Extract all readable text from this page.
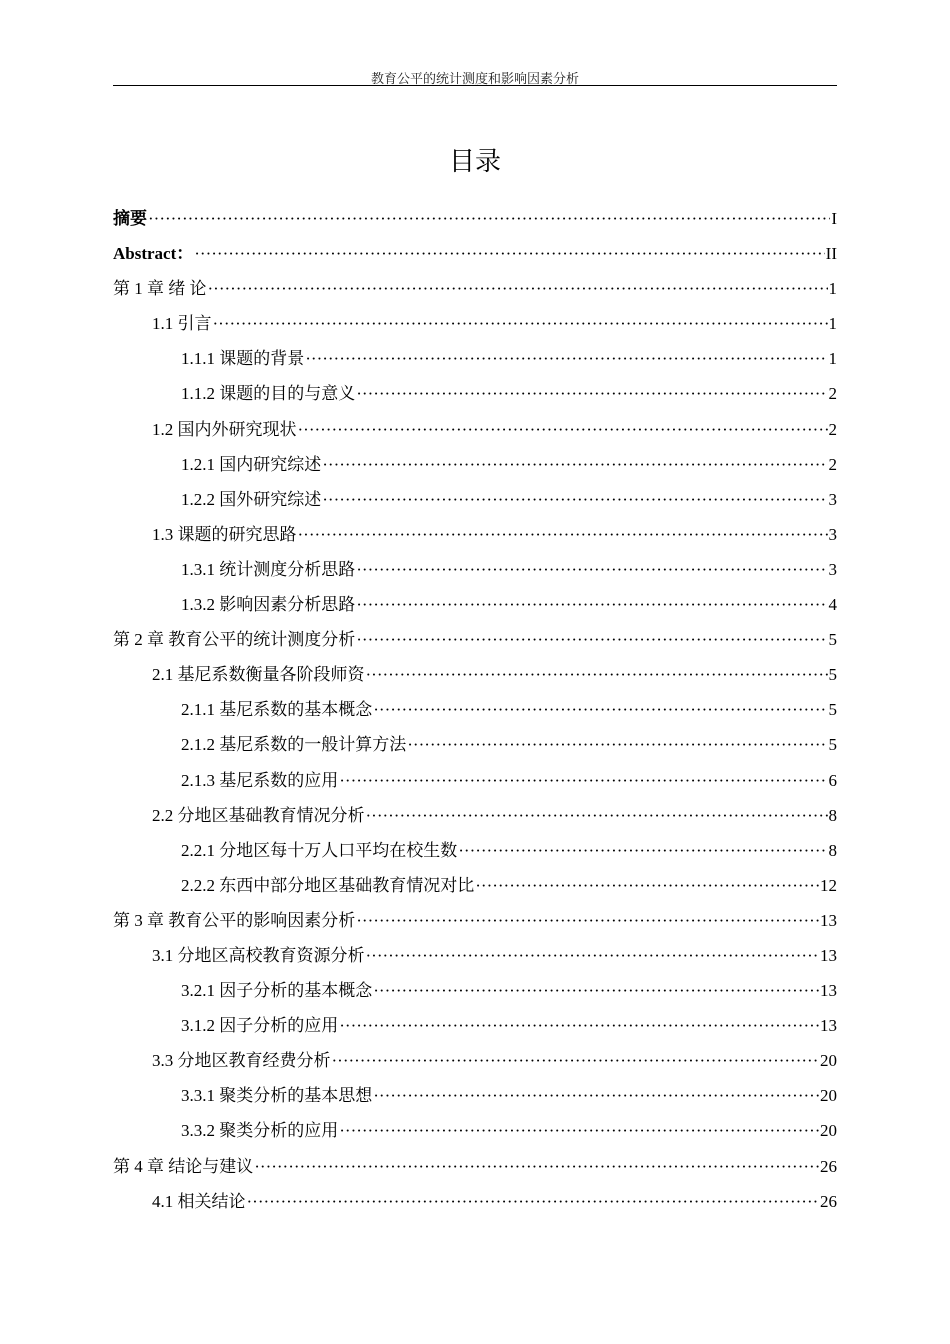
教育公平的统计测度和影响因素分析
目录
摘要 ·····	I
Abstract： ·····	II
第 1 章 绪 论 ·····	1
1.1 引言 ·····	1
1.1.1 课题的背景 ·····	1
1.1.2 课题的目的与意义 ·····	2
1.2 国内外研究现状 ·····	2
1.2.1 国内研究综述 ·····	2
1.2.2 国外研究综述 ·····	3
1.3 课题的研究思路 ·····	3
1.3.1 统计测度分析思路 ·····	3
1.3.2 影响因素分析思路 ·····	4
第 2 章 教育公平的统计测度分析 ·····	5
2.1 基尼系数衡量各阶段师资 ·····	5
2.1.1 基尼系数的基本概念 ·····	5
2.1.2 基尼系数的一般计算方法 ·····	5
2.1.3 基尼系数的应用 ·····	6
2.2 分地区基础教育情况分析 ·····	8
2.2.1 分地区每十万人口平均在校生数 ·····	8
2.2.2 东西中部分地区基础教育情况对比 ·····	12
第 3 章 教育公平的影响因素分析 ·····	13
3.1 分地区高校教育资源分析 ·····	13
3.2.1 因子分析的基本概念 ·····	13
3.1.2 因子分析的应用 ·····	13
3.3 分地区教育经费分析 ·····	20
3.3.1 聚类分析的基本思想 ·····	20
3.3.2 聚类分析的应用 ·····	20
第 4 章 结论与建议 ·····	26
4.1 相关结论 ·····	26
